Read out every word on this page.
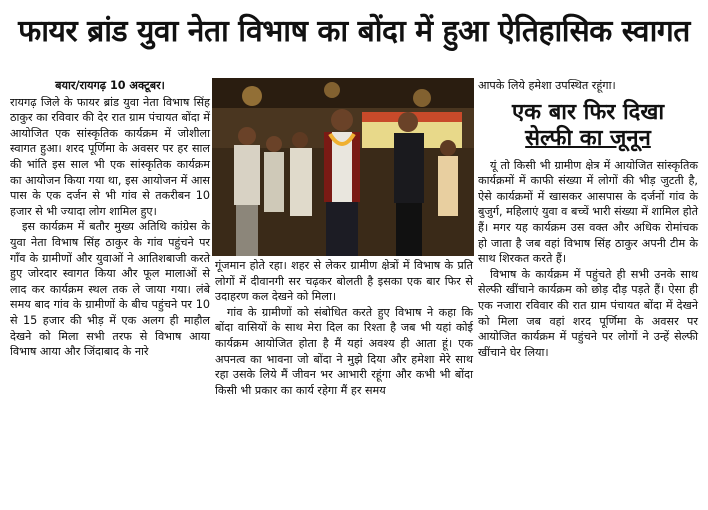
फायर ब्रांड युवा नेता विभाष का बोंदा में हुआ ऐतिहासिक स्वागत
बयार/रायगढ़ 10 अक्टूबर।

रायगढ़ जिले के फायर ब्रांड युवा नेता विभाष सिंह ठाकुर का रविवार की देर रात ग्राम पंचायत बोंदा में आयोजित एक सांस्कृतिक कार्यक्रम में जोशीला स्वागत हुआ। शरद पूर्णिमा के अवसर पर हर साल की भांति इस साल भी एक सांस्कृतिक कार्यक्रम का आयोजन किया गया था, इस आयोजन में आस पास के एक दर्जन से भी गांव से तकरीबन 10 हजार से भी ज्यादा लोग शामिल हुए।

इस कार्यक्रम में बतौर मुख्य अतिथि कांग्रेस के युवा नेता विभाष सिंह ठाकुर के गांव पहुंचने पर गाँव के ग्रामीणों और युवाओं ने आतिशबाजी करते हुए जोरदार स्वागत किया और फूल मालाओं से लाद कर कार्यक्रम स्थल तक ले जाया गया। लंबे समय बाद गांव के ग्रामीणों के बीच पहुंचने पर 10 से 15 हजार की भीड़ में एक अलग ही माहौल देखने को मिला सभी तरफ से विभाष आया विभाष आया और जिंदाबाद के नारे

गूंजमान होते रहा। शहर से लेकर ग्रामीण क्षेत्रों में विभाष के प्रति लोगों में दीवानगी सर चढ़कर बोलती है इसका एक बार फिर से उदाहरण कल देखने को मिला।

गांव के ग्रामीणों को संबोधित करते हुए विभाष ने कहा कि बोंदा वासियों के साथ मेरा दिल का रिश्ता है जब भी यहां कोई कार्यक्रम आयोजित होता है मैं यहां अवश्य ही आता हूं। एक अपनत्व का भावना जो बोंदा ने मुझे दिया और हमेशा मेरे साथ रहा उसके लिये मैं जीवन भर आभारी रहूंगा और कभी भी बोंदा किसी भी प्रकार का कार्य रहेगा मैं हर समय

आपके लिये हमेशा उपस्थित रहूंगा।

एक बार फिर दिखा
सेल्फी का जूनून

यूं तो किसी भी ग्रामीण क्षेत्र में आयोजित सांस्कृतिक कार्यक्रमों में काफी संख्या में लोगों की भीड़ जुटती है, ऐसे कार्यक्रमों में खासकर आसपास के दर्जनों गांव के बुजुर्ग, महिलाएं युवा व बच्चें भारी संख्या में शामिल होते हैं। मगर यह कार्यक्रम उस वक्त और अधिक रोमांचक हो जाता है जब वहां विभाष सिंह ठाकुर अपनी टीम के साथ शिरकत करते हैं।

विभाष के कार्यक्रम में पहुंचते ही सभी उनके साथ सेल्फी खींचाने कार्यक्रम को छोड़ दौड़ पड़ते हैं। ऐसा ही एक नजारा रविवार की रात ग्राम पंचायत बोंदा में देखने को मिला जब वहां शरद पूर्णिमा के अवसर पर आयोजित कार्यक्रम में पहुंचने पर लोगों ने उन्हें सेल्फी खींचाने घेर लिया।
